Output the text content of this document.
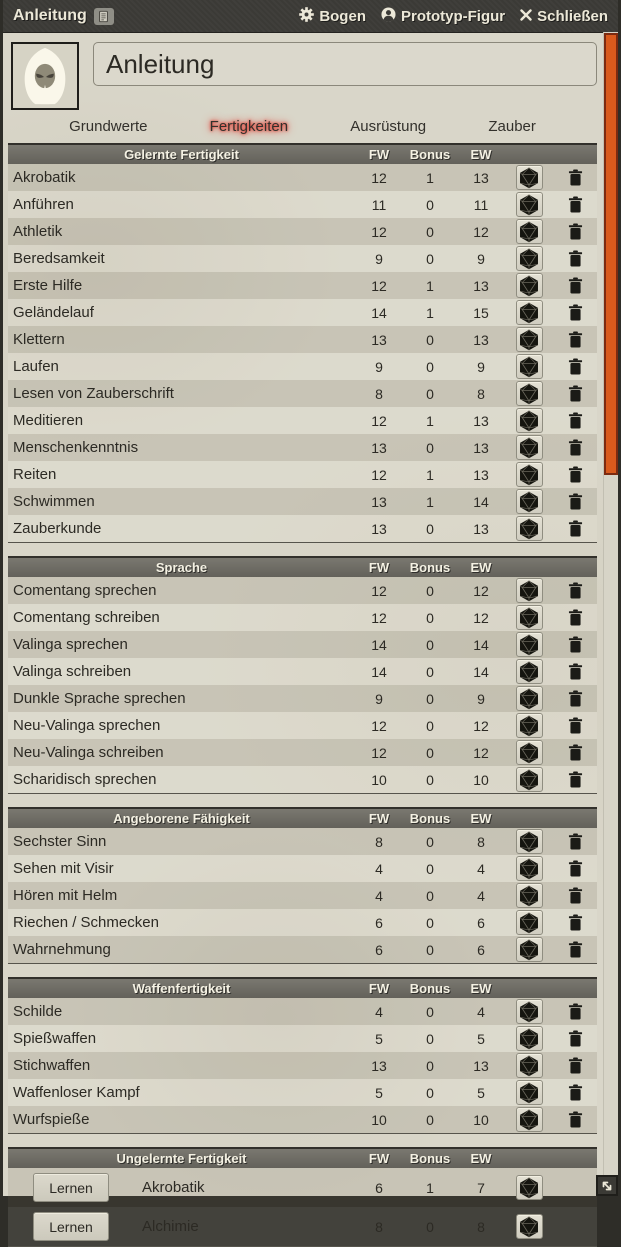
Anleitung	Bogen Prototyp-Figur Schließen
Anleitung
Grundwerte	Fertigkeiten	Ausrüstung	Zauber
Gelernte Fertigkeit	FW	Bonus	EW
Akrobatik	12	1	13
Anführen	11	0	11
Athletik	12	0	12
Beredsamkeit	9	0	9
Erste Hilfe	12	1	13
Geländelauf	14	1	15
Klettern	13	0	13
Laufen	9	0	9
Lesen von Zauberschrift	8	0	8
Meditieren	12	1	13
Menschenkenntnis	13	0	13
Reiten	12	1	13
Schwimmen	13	1	14
Zauberkunde	13	0	13
Sprache	FW	Bonus	EW
Comentang sprechen	12	0	12
Comentang schreiben	12	0	12
Valinga sprechen	14	0	14
Valinga schreiben	14	0	14
Dunkle Sprache sprechen	9	0	9
Neu-Valinga sprechen	12	0	12
Neu-Valinga schreiben	12	0	12
Scharidisch sprechen	10	0	10
Angeborene Fähigkeit	FW	Bonus	EW
Sechster Sinn	8	0	8
Sehen mit Visir	4	0	4
Hören mit Helm	4	0	4
Riechen / Schmecken	6	0	6
Wahrnehmung	6	0	6
Waffenfertigkeit	FW	Bonus	EW
Schilde	4	0	4
Spießwaffen	5	0	5
Stichwaffen	13	0	13
Waffenloser Kampf	5	0	5
Wurfspieße	10	0	10
Ungelernte Fertigkeit	FW	Bonus	EW
Lernen	Akrobatik	6	1	7
Lernen	Alchimie	8	0	8
